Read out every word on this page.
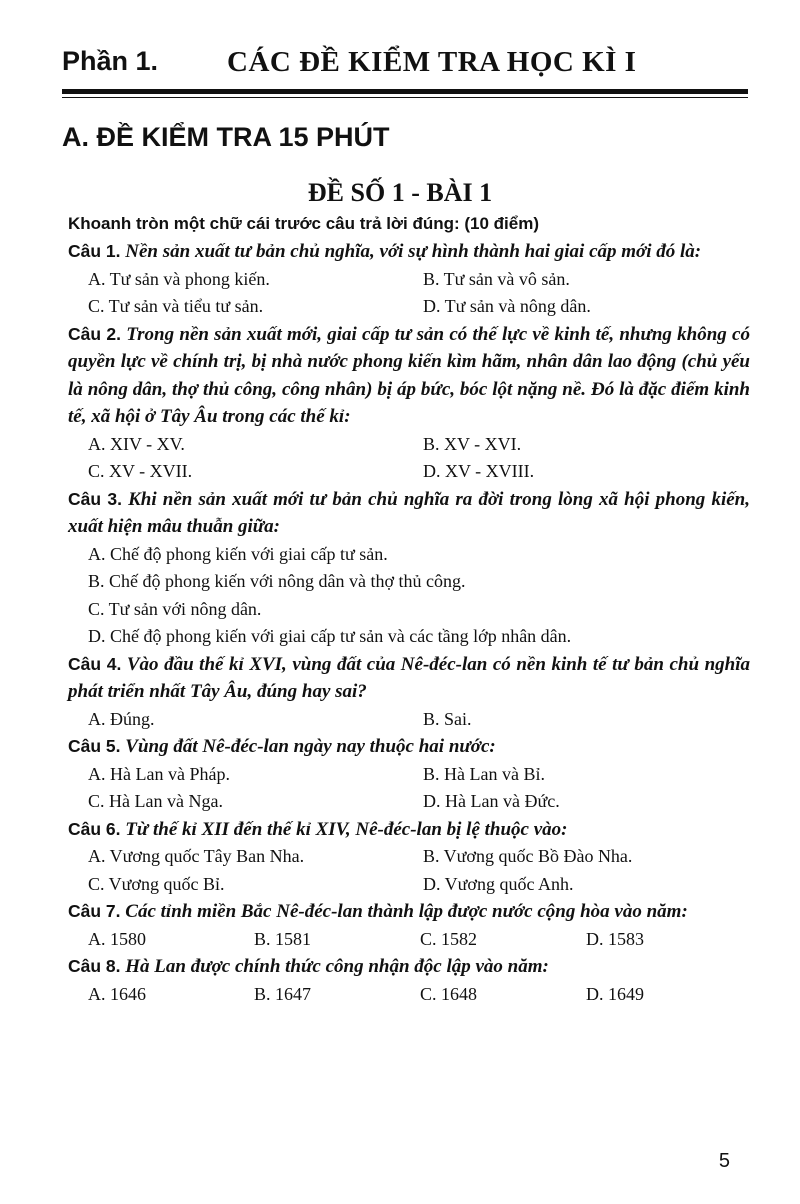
Phần 1. CÁC ĐỀ KIỂM TRA HỌC KÌ I
A. ĐỀ KIỂM TRA 15 PHÚT
ĐỀ SỐ 1 - BÀI 1
Khoanh tròn một chữ cái trước câu trả lời đúng: (10 điểm)
Câu 1. Nền sản xuất tư bản chủ nghĩa, với sự hình thành hai giai cấp mới đó là:
A. Tư sản và phong kiến.	B. Tư sản và vô sản.
C. Tư sản và tiểu tư sản.	D. Tư sản và nông dân.
Câu 2. Trong nền sản xuất mới, giai cấp tư sản có thế lực về kinh tế, nhưng không có quyền lực về chính trị, bị nhà nước phong kiến kìm hãm, nhân dân lao động (chủ yếu là nông dân, thợ thủ công, công nhân) bị áp bức, bóc lột nặng nề. Đó là đặc điểm kinh tế, xã hội ở Tây Âu trong các thế kỉ:
A. XIV - XV.	B. XV - XVI.
C. XV - XVII.	D. XV - XVIII.
Câu 3. Khi nền sản xuất mới tư bản chủ nghĩa ra đời trong lòng xã hội phong kiến, xuất hiện mâu thuẫn giữa:
A. Chế độ phong kiến với giai cấp tư sản.
B. Chế độ phong kiến với nông dân và thợ thủ công.
C. Tư sản với nông dân.
D. Chế độ phong kiến với giai cấp tư sản và các tầng lớp nhân dân.
Câu 4. Vào đầu thế kỉ XVI, vùng đất của Nê-đéc-lan có nền kinh tế tư bản chủ nghĩa phát triển nhất Tây Âu, đúng hay sai?
A. Đúng.	B. Sai.
Câu 5. Vùng đất Nê-đéc-lan ngày nay thuộc hai nước:
A. Hà Lan và Pháp.	B. Hà Lan và Bỉ.
C. Hà Lan và Nga.	D. Hà Lan và Đức.
Câu 6. Từ thế kỉ XII đến thế kỉ XIV, Nê-đéc-lan bị lệ thuộc vào:
A. Vương quốc Tây Ban Nha.	B. Vương quốc Bồ Đào Nha.
C. Vương quốc Bỉ.	D. Vương quốc Anh.
Câu 7. Các tỉnh miền Bắc Nê-đéc-lan thành lập được nước cộng hòa vào năm:
A. 1580	B. 1581	C. 1582	D. 1583
Câu 8. Hà Lan được chính thức công nhận độc lập vào năm:
A. 1646	B. 1647	C. 1648	D. 1649
5
